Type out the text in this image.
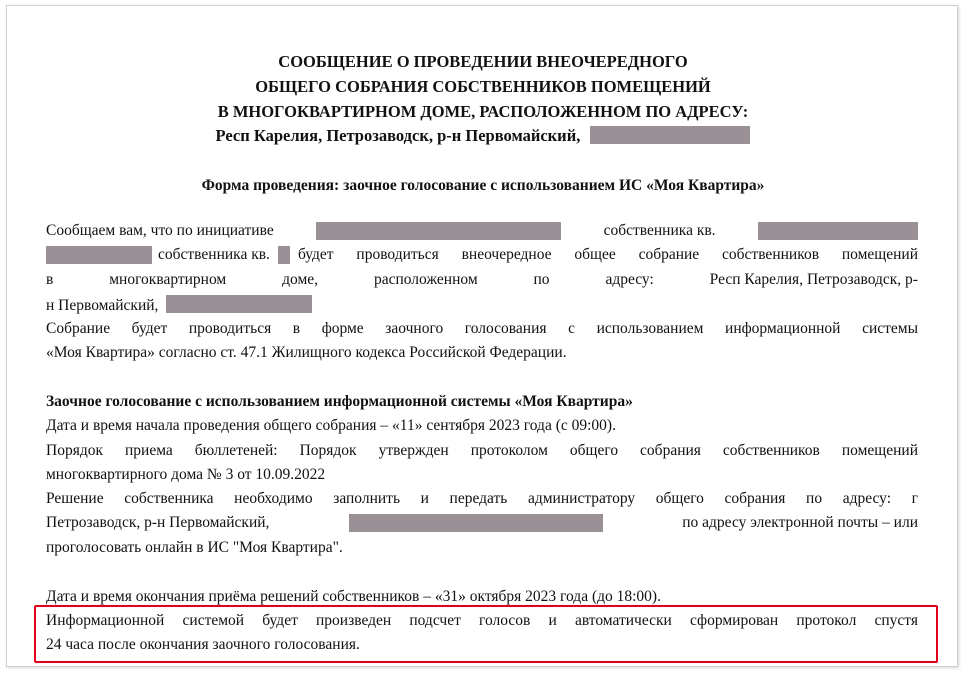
СООБЩЕНИЕ О ПРОВЕДЕНИИ ВНЕОЧЕРЕДНОГО
ОБЩЕГО СОБРАНИЯ СОБСТВЕННИКОВ ПОМЕЩЕНИЙ
В МНОГОКВАРТИРНОМ ДОМЕ, РАСПОЛОЖЕННОМ ПО АДРЕСУ:
Респ Карелия, Петрозаводск, р-н Первомайский,
Форма проведения: заочное голосование с использованием ИС «Моя Квартира»
Сообщаем вам, что по инициативе	собственника кв.
собственника кв. будет проводиться внеочередное общее собрание собственников помещений
в	многоквартирном	доме,	расположенном	по	адресу:	Респ Карелия, Петрозаводск, р-
н Первомайский,
Собрание будет проводиться в форме заочного голосования с использованием информационной системы
«Моя Квартира» согласно ст. 47.1 Жилищного кодекса Российской Федерации.
Заочное голосование с использованием информационной системы «Моя Квартира»
Дата и время начала проведения общего собрания – «11» сентября 2023 года (с 09:00).
Порядок приема бюллетеней: Порядок утвержден протоколом общего собрания собственников помещений
многоквартирного дома № 3 от 10.09.2022
Решение собственника необходимо заполнить и передать администратору общего собрания по адресу: г
Петрозаводск, р-н Первомайский,	по адресу электронной почты – или
проголосовать онлайн в ИС "Моя Квартира".
Дата и время окончания приёма решений собственников – «31» октября 2023 года (до 18:00).
Информационной системой будет произведен подсчет голосов и автоматически сформирован протокол спустя
24 часа после окончания заочного голосования.
